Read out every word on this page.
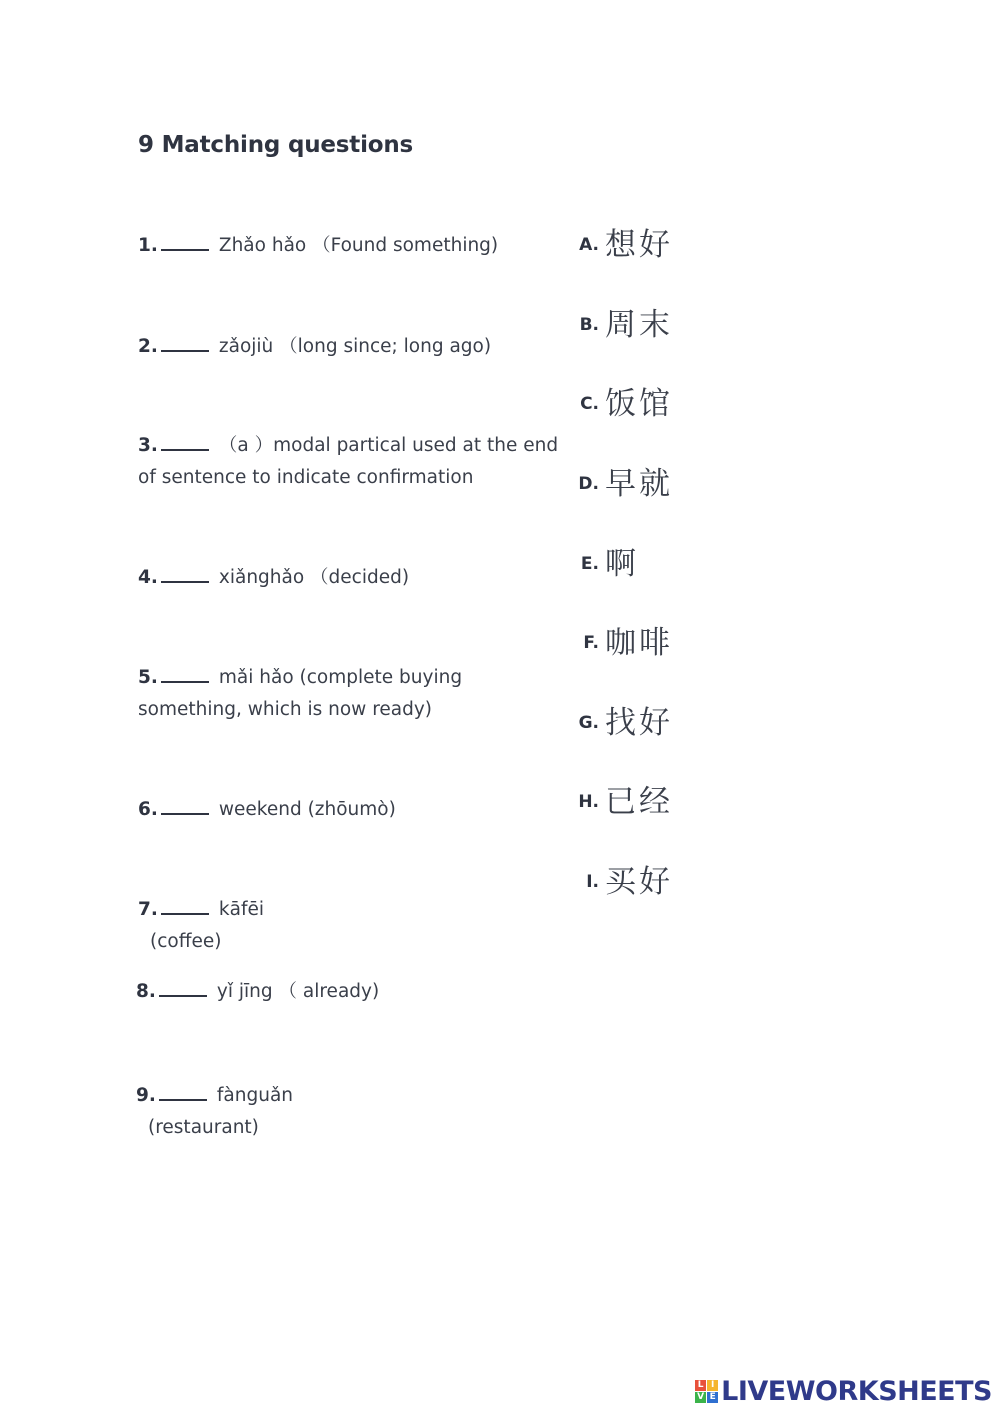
9 Matching questions
1.	Zhǎo hǎo （Found something)
2.	zǎojiù （long since; long ago)
3.	（a ）modal partical used at the end
of sentence to indicate confirmation
4.	xiǎnghǎo （decided)
5.	mǎi hǎo (complete buying
something, which is now ready)
6.	weekend (zhōumò)
7.	kāfēi
(coffee)
8.	yǐ jīng （ already)
9.	fànguǎn
(restaurant)
A. 想好
B. 周末
C. 饭馆
D. 早就
E. 啊
F. 咖啡
G. 找好
H. 已经
I. 买好
L I
V E LIVEWORKSHEETS
